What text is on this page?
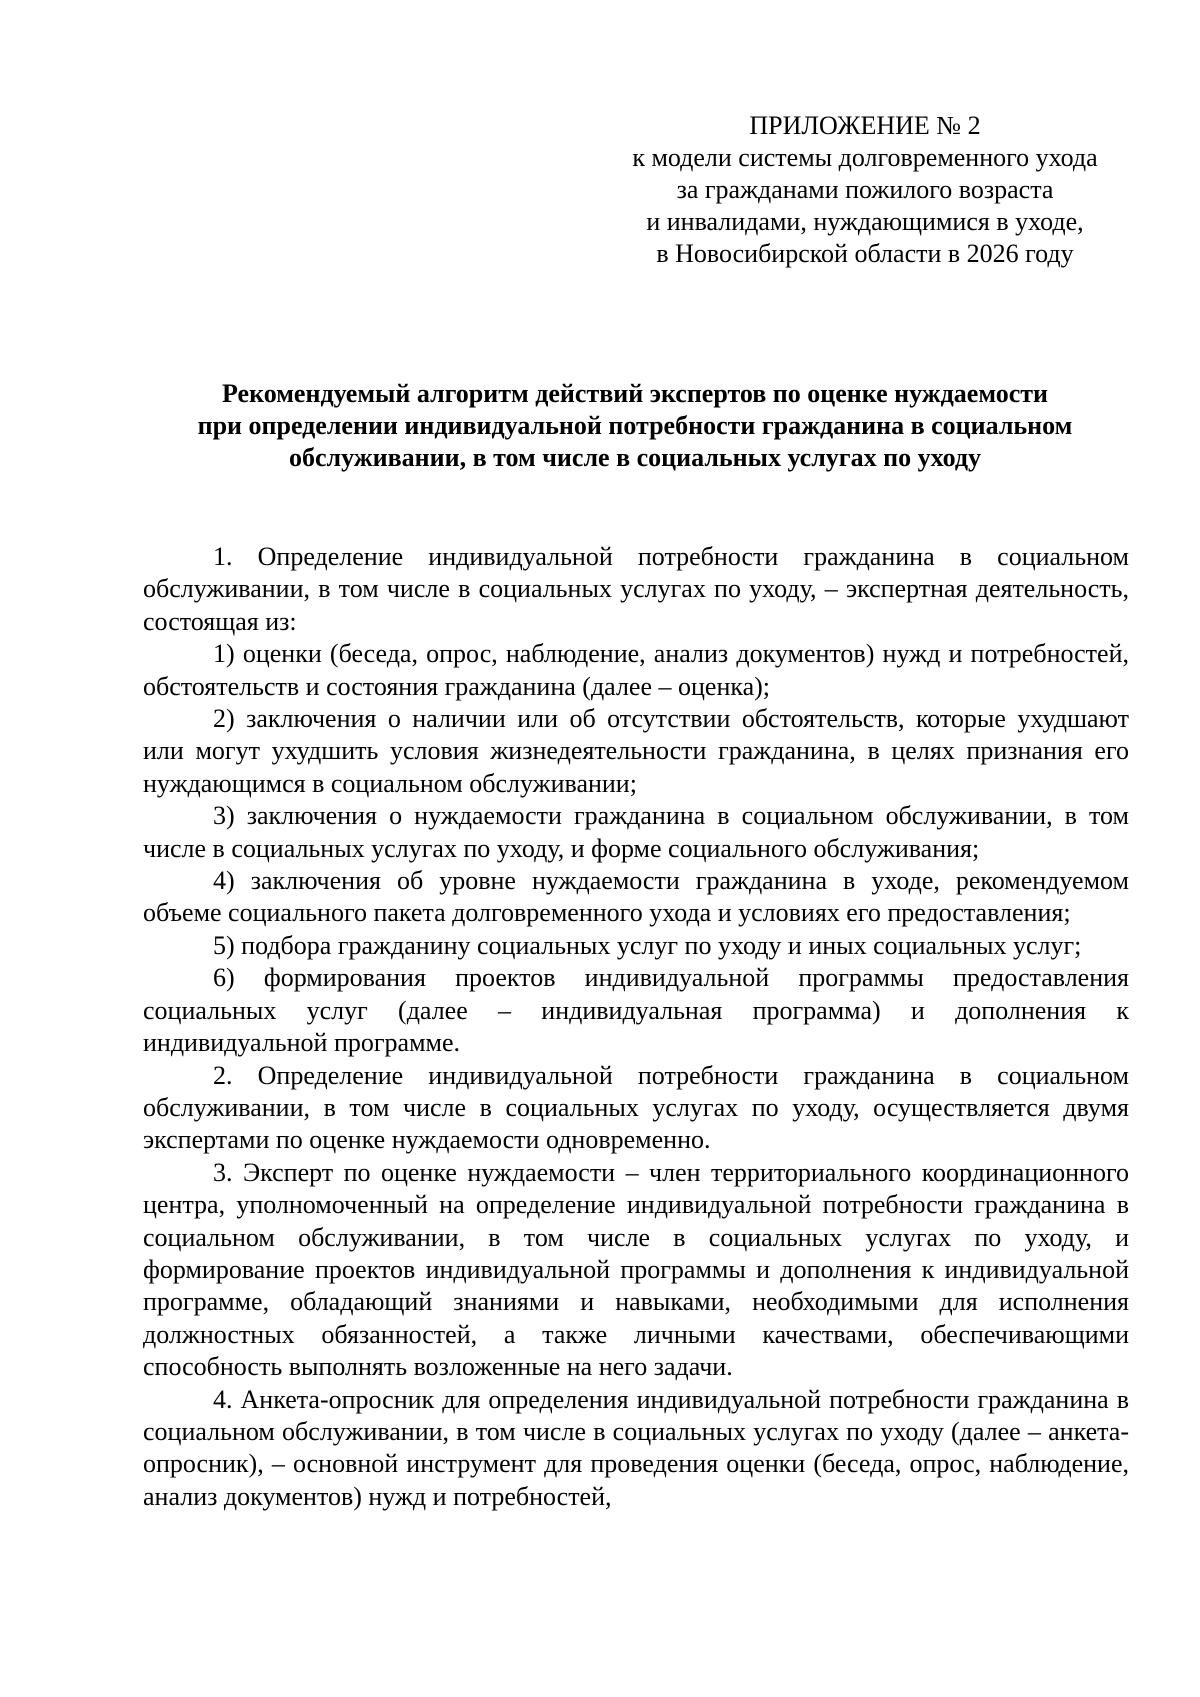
ПРИЛОЖЕНИЕ № 2
к модели системы долговременного ухода
за гражданами пожилого возраста
и инвалидами, нуждающимися в уходе,
в Новосибирской области в 2026 году
Рекомендуемый алгоритм действий экспертов по оценке нуждаемости
при определении индивидуальной потребности гражданина в социальном
обслуживании, в том числе в социальных услугах по уходу

1. Определение индивидуальной потребности гражданина в социальном обслуживании, в том числе в социальных услугах по уходу, – экспертная деятельность, состоящая из:

1) оценки (беседа, опрос, наблюдение, анализ документов) нужд и потребностей, обстоятельств и состояния гражданина (далее – оценка);

2) заключения о наличии или об отсутствии обстоятельств, которые ухудшают или могут ухудшить условия жизнедеятельности гражданина, в целях признания его нуждающимся в социальном обслуживании;

3) заключения о нуждаемости гражданина в социальном обслуживании, в том числе в социальных услугах по уходу, и форме социального обслуживания;

4) заключения об уровне нуждаемости гражданина в уходе, рекомендуемом объеме социального пакета долговременного ухода и условиях его предоставления;

5) подбора гражданину социальных услуг по уходу и иных социальных услуг;

6) формирования проектов индивидуальной программы предоставления социальных услуг (далее – индивидуальная программа) и дополнения к индивидуальной программе.

2. Определение индивидуальной потребности гражданина в социальном обслуживании, в том числе в социальных услугах по уходу, осуществляется двумя экспертами по оценке нуждаемости одновременно.

3. Эксперт по оценке нуждаемости – член территориального координационного центра, уполномоченный на определение индивидуальной потребности гражданина в социальном обслуживании, в том числе в социальных услугах по уходу, и формирование проектов индивидуальной программы и дополнения к индивидуальной программе, обладающий знаниями и навыками, необходимыми для исполнения должностных обязанностей, а также личными качествами, обеспечивающими способность выполнять возложенные на него задачи.

4. Анкета-опросник для определения индивидуальной потребности гражданина в социальном обслуживании, в том числе в социальных услугах по уходу (далее – анкета-опросник), – основной инструмент для проведения оценки (беседа, опрос, наблюдение, анализ документов) нужд и потребностей,
